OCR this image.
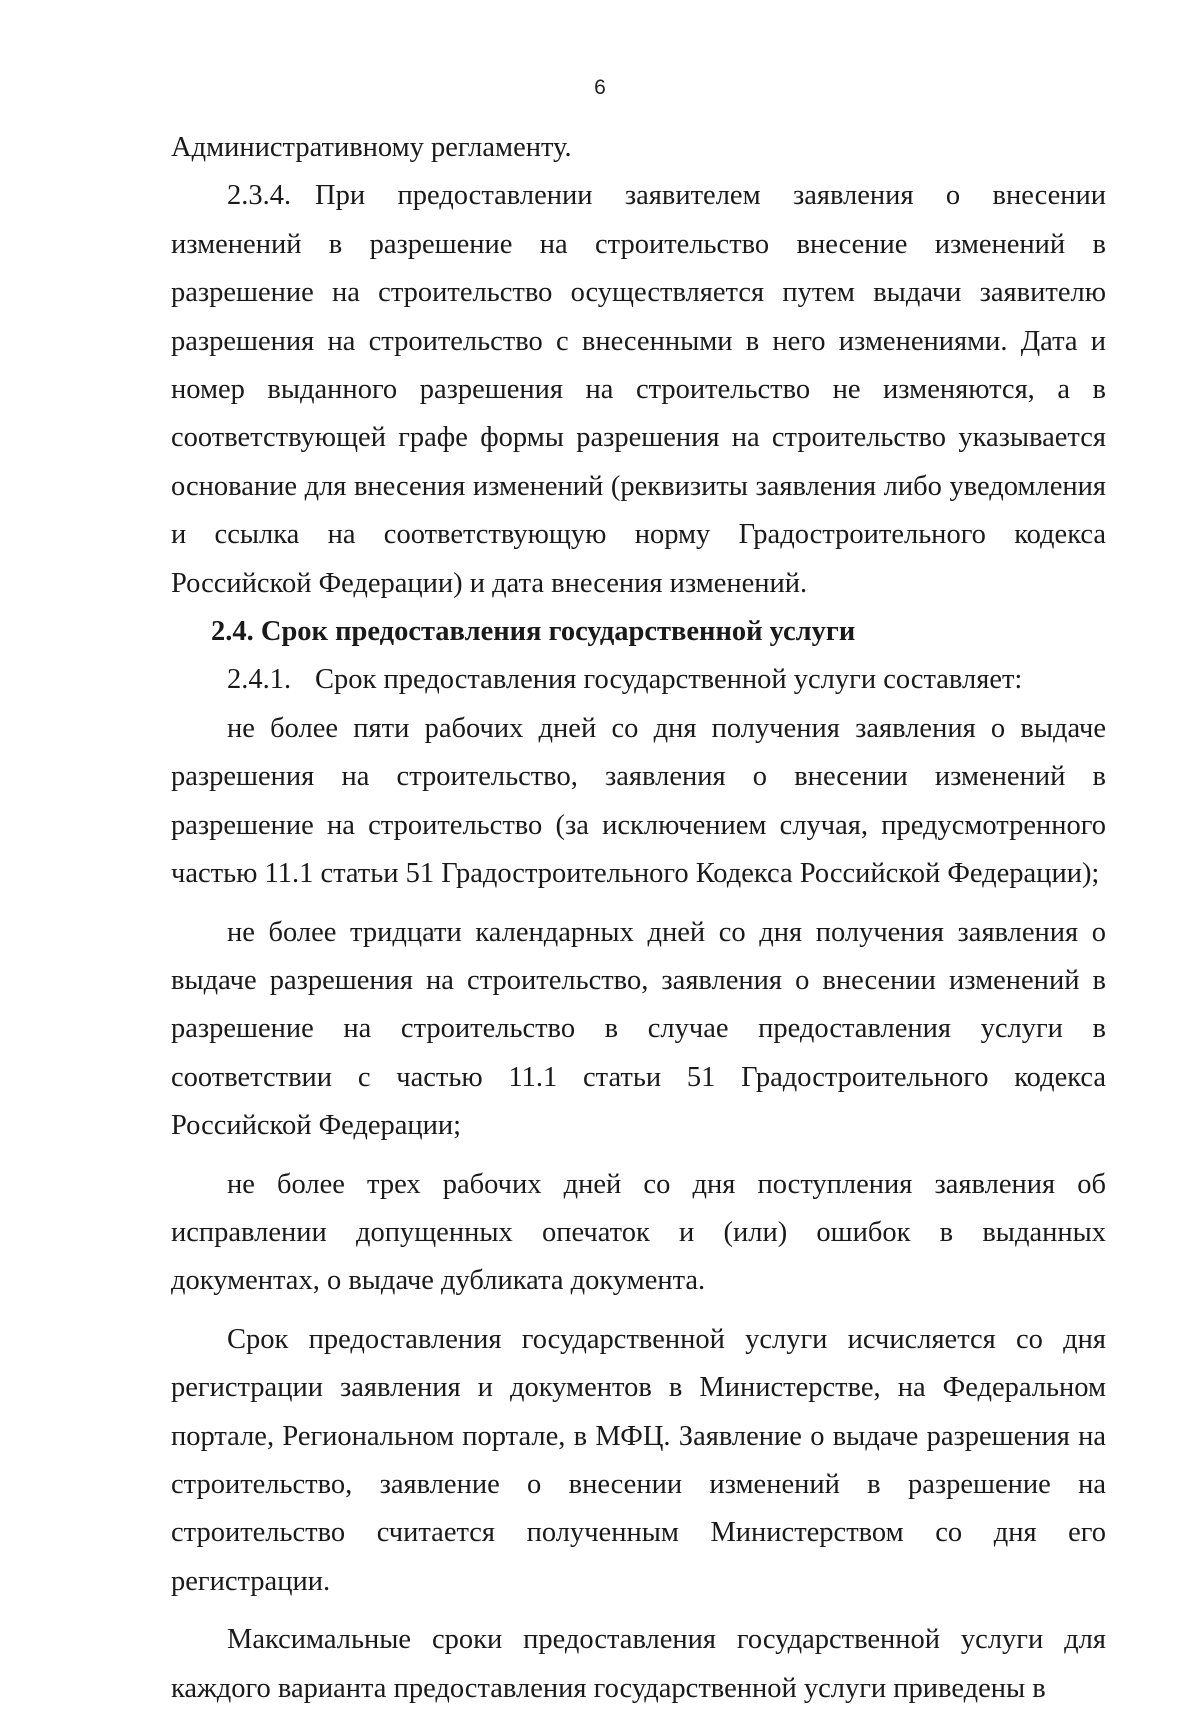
6

Административному регламенту.

2.3.4. При предоставлении заявителем заявления о внесении изменений в разрешение на строительство внесение изменений в разрешение на строительство осуществляется путем выдачи заявителю разрешения на строительство с внесенными в него изменениями. Дата и номер выданного разрешения на строительство не изменяются, а в соответствующей графе формы разрешения на строительство указывается основание для внесения изменений (реквизиты заявления либо уведомления и ссылка на соответствующую норму Градостроительного кодекса Российской Федерации) и дата внесения изменений.

2.4. Срок предоставления государственной услуги

2.4.1. Срок предоставления государственной услуги составляет:

не более пяти рабочих дней со дня получения заявления о выдаче разрешения на строительство, заявления о внесении изменений в разрешение на строительство (за исключением случая, предусмотренного частью 11.1 статьи 51 Градостроительного Кодекса Российской Федерации);

не более тридцати календарных дней со дня получения заявления о выдаче разрешения на строительство, заявления о внесении изменений в разрешение на строительство в случае предоставления услуги в соответствии с частью 11.1 статьи 51 Градостроительного кодекса Российской Федерации;

не более трех рабочих дней со дня поступления заявления об исправлении допущенных опечаток и (или) ошибок в выданных документах, о выдаче дубликата документа.

Срок предоставления государственной услуги исчисляется со дня регистрации заявления и документов в Министерстве, на Федеральном портале, Региональном портале, в МФЦ. Заявление о выдаче разрешения на строительство, заявление о внесении изменений в разрешение на строительство считается полученным Министерством со дня его регистрации.

Максимальные сроки предоставления государственной услуги для каждого варианта предоставления государственной услуги приведены в
